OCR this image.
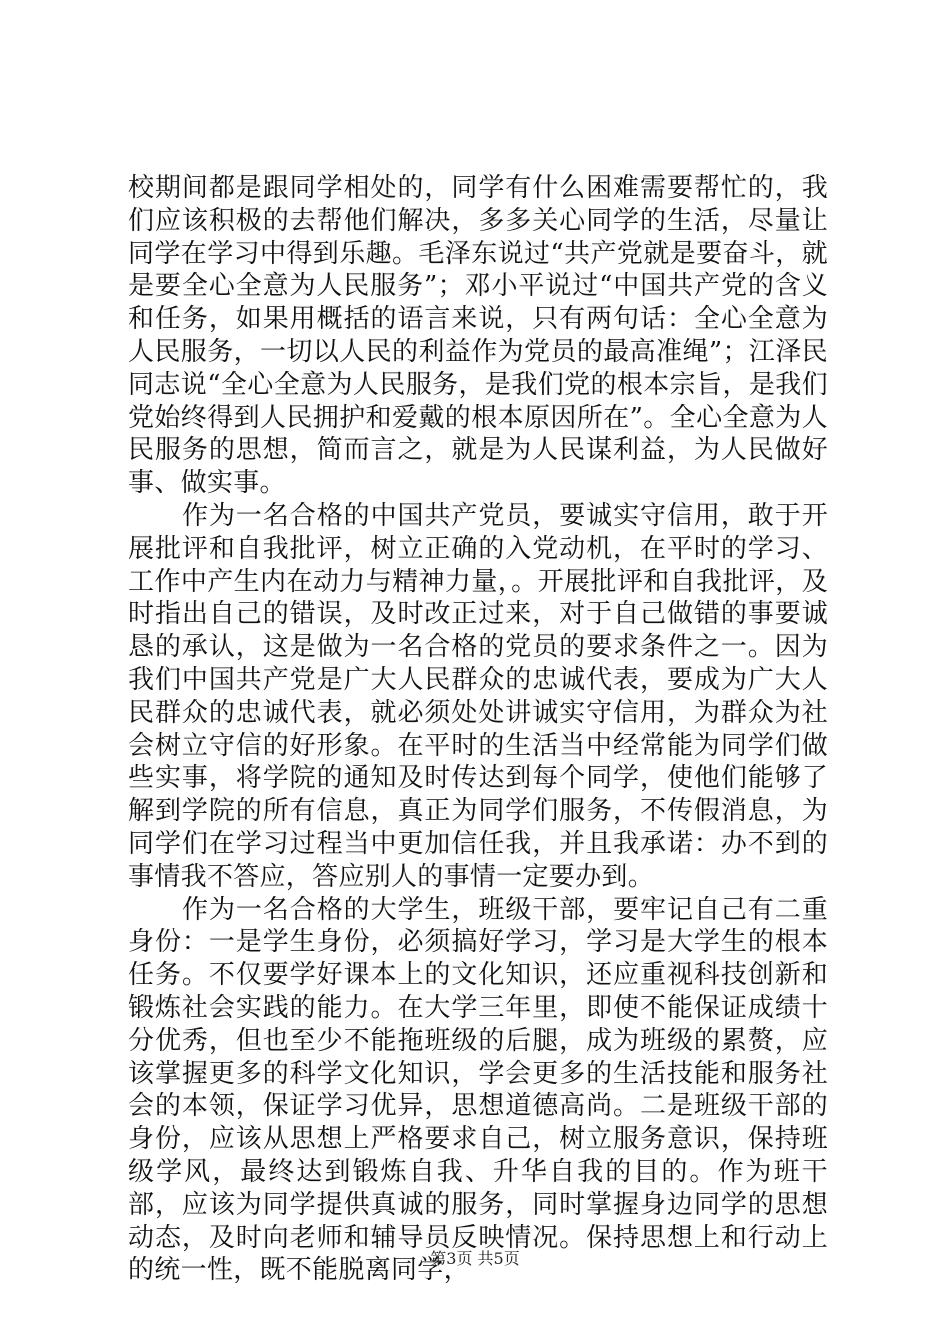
校期间都是跟同学相处的，同学有什么困难需要帮忙的，我们应该积极的去帮他们解决，多多关心同学的生活，尽量让同学在学习中得到乐趣。毛泽东说过“共产党就是要奋斗，就是要全心全意为人民服务”；邓小平说过“中国共产党的含义和任务，如果用概括的语言来说，只有两句话：全心全意为人民服务，一切以人民的利益作为党员的最高准绳”；江泽民同志说“全心全意为人民服务，是我们党的根本宗旨，是我们党始终得到人民拥护和爱戴的根本原因所在”。全心全意为人民服务的思想，简而言之，就是为人民谋利益，为人民做好事、做实事。

作为一名合格的中国共产党员，要诚实守信用，敢于开展批评和自我批评，树立正确的入党动机，在平时的学习、工作中产生内在动力与精神力量，。开展批评和自我批评，及时指出自己的错误，及时改正过来，对于自己做错的事要诚恳的承认，这是做为一名合格的党员的要求条件之一。因为我们中国共产党是广大人民群众的忠诚代表，要成为广大人民群众的忠诚代表，就必须处处讲诚实守信用，为群众为社会树立守信的好形象。在平时的生活当中经常能为同学们做些实事，将学院的通知及时传达到每个同学，使他们能够了解到学院的所有信息，真正为同学们服务，不传假消息，为同学们在学习过程当中更加信任我，并且我承诺：办不到的事情我不答应，答应别人的事情一定要办到。

作为一名合格的大学生，班级干部，要牢记自己有二重身份：一是学生身份，必须搞好学习，学习是大学生的根本任务。不仅要学好课本上的文化知识，还应重视科技创新和锻炼社会实践的能力。在大学三年里，即使不能保证成绩十分优秀，但也至少不能拖班级的后腿，成为班级的累赘，应该掌握更多的科学文化知识，学会更多的生活技能和服务社会的本领，保证学习优异，思想道德高尚。二是班级干部的身份，应该从思想上严格要求自己，树立服务意识，保持班级学风，最终达到锻炼自我、升华自我的目的。作为班干部，应该为同学提供真诚的服务，同时掌握身边同学的思想动态，及时向老师和辅导员反映情况。保持思想上和行动上的统一性，既不能脱离同学，

第3页 共5页
